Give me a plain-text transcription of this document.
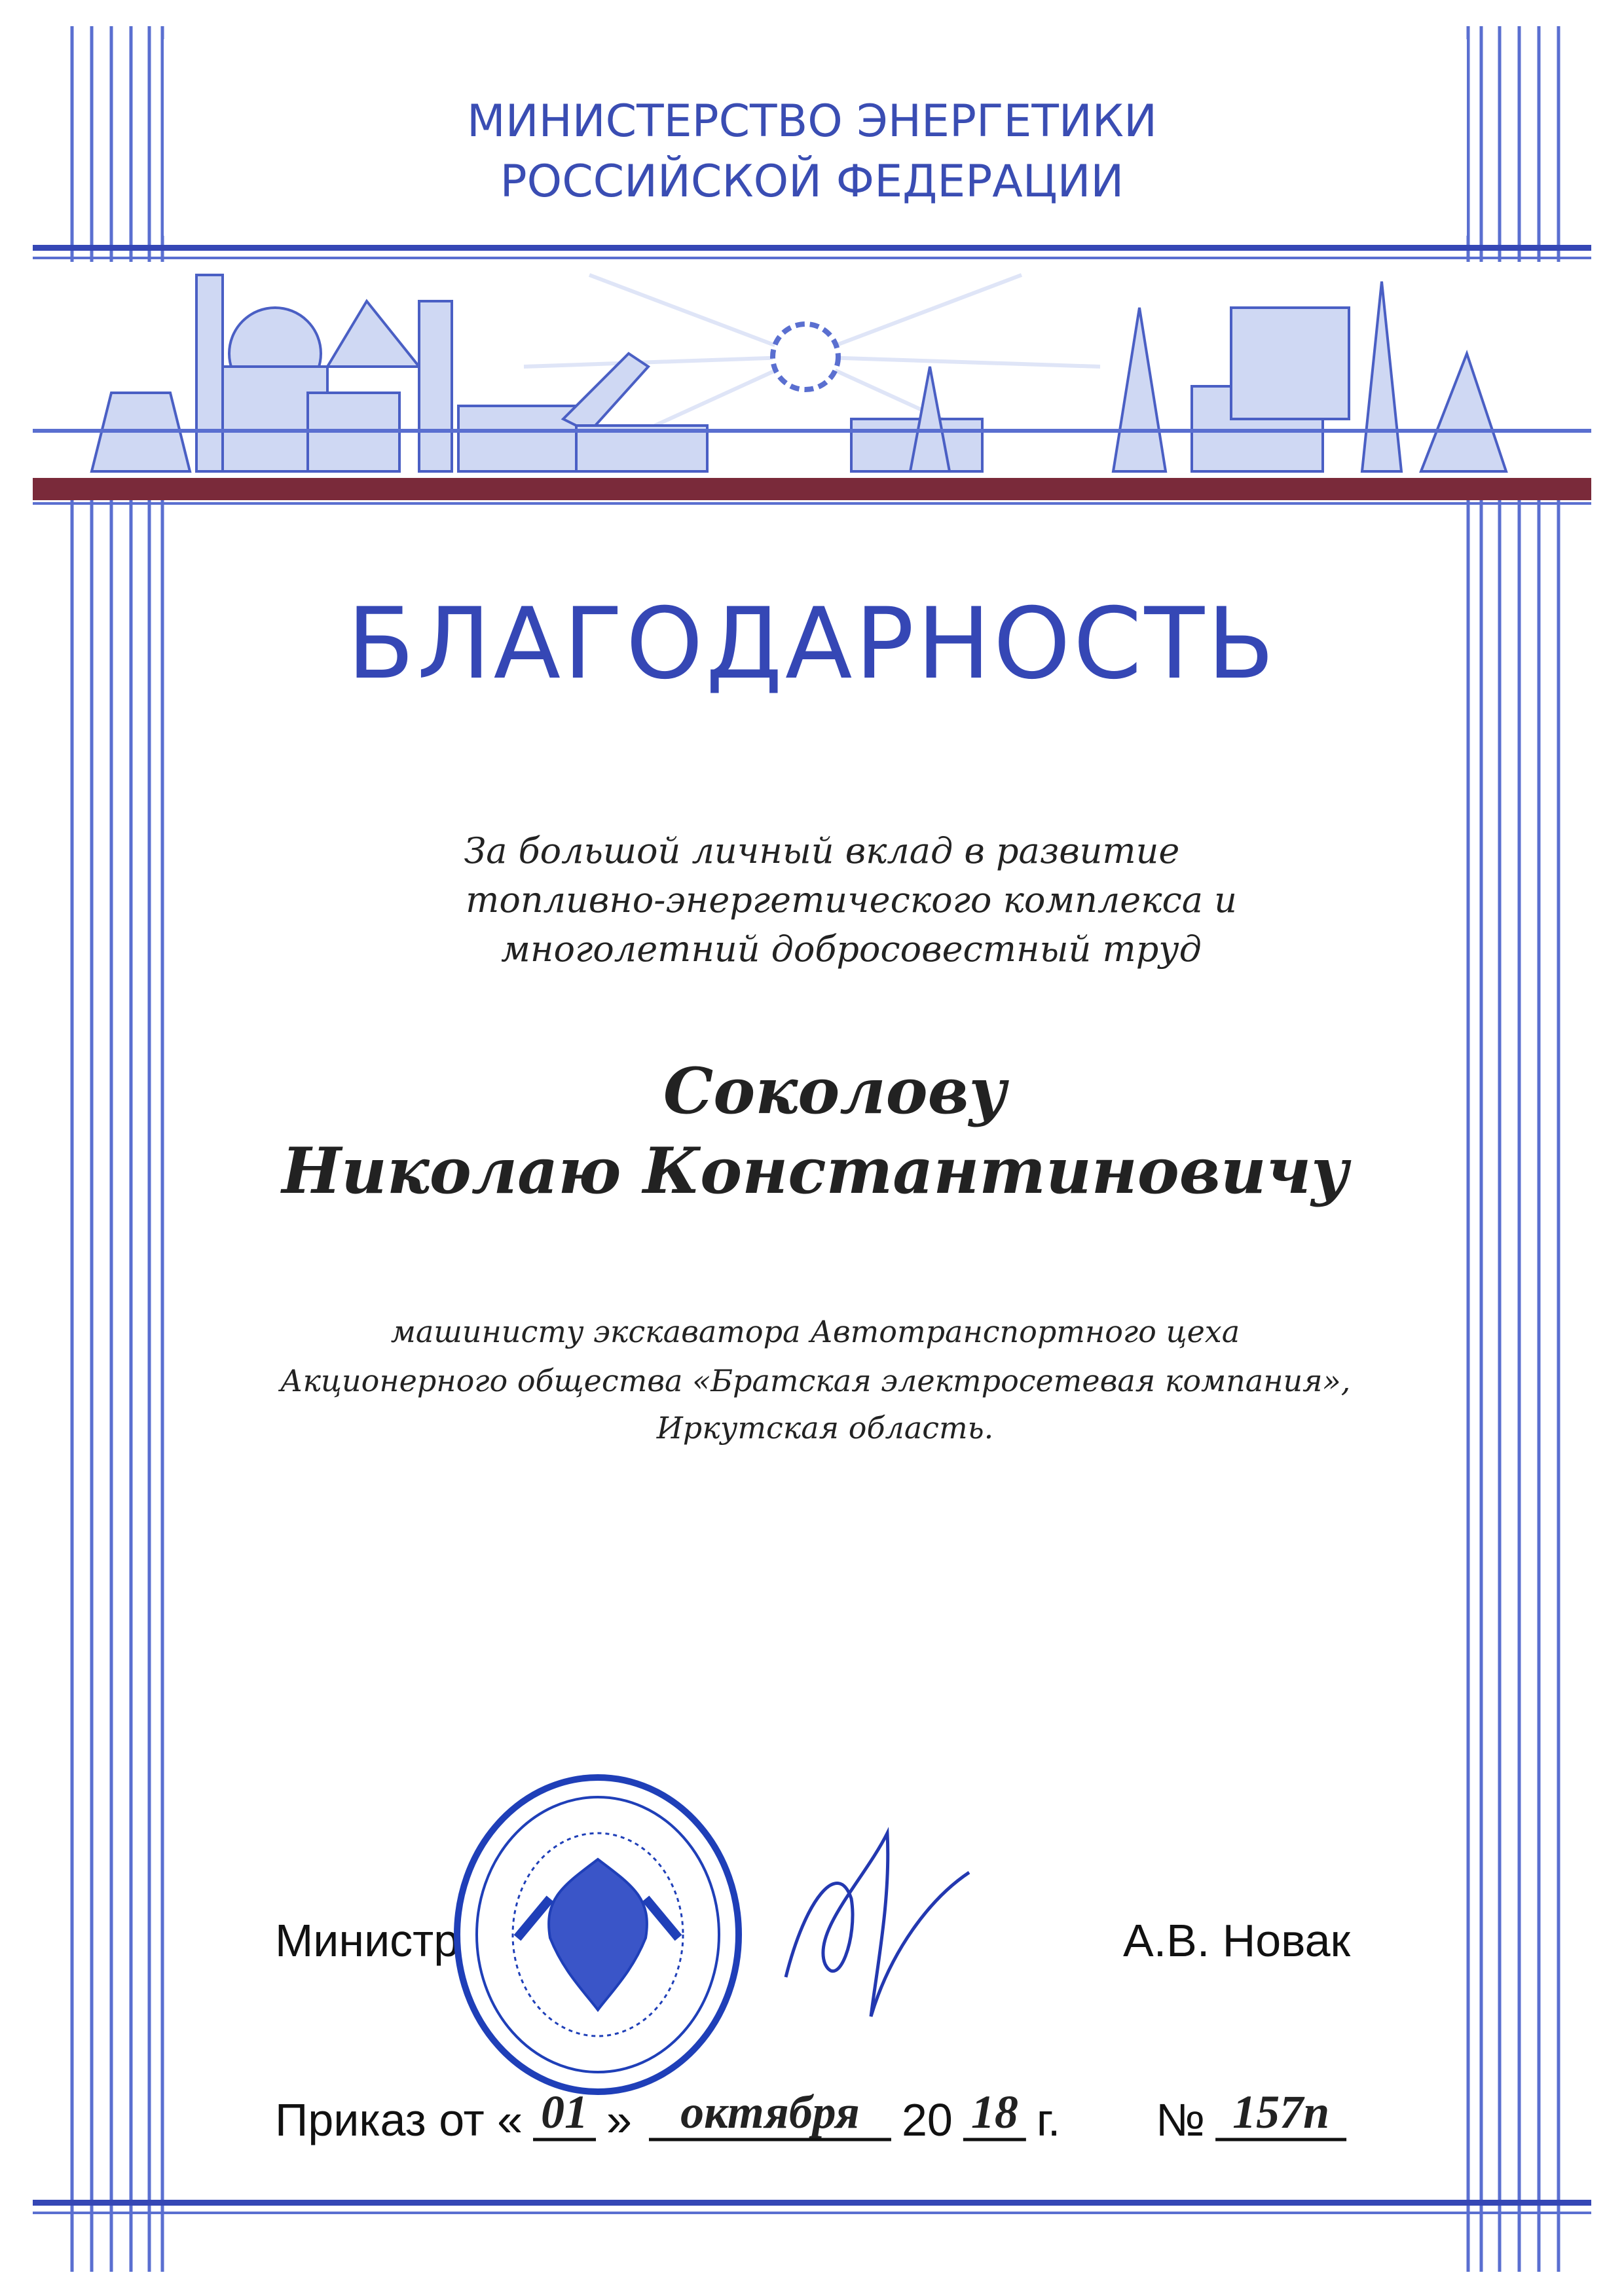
МИНИСТЕРСТВО ЭНЕРГЕТИКИ
РОССИЙСКОЙ ФЕДЕРАЦИИ
БЛАГОДАРНОСТЬ
За большой личный вклад в развитие
топливно-энергетического комплекса и
многолетний добросовестный труд
Соколову
Николаю Константиновичу
машинисту экскаватора Автотранспортного цеха
Акционерного общества «Братская электросетевая компания»,
Иркутская область.
Министр	А.В. Новак
Приказ от « 01 » октября 20 18 г. № 157п
